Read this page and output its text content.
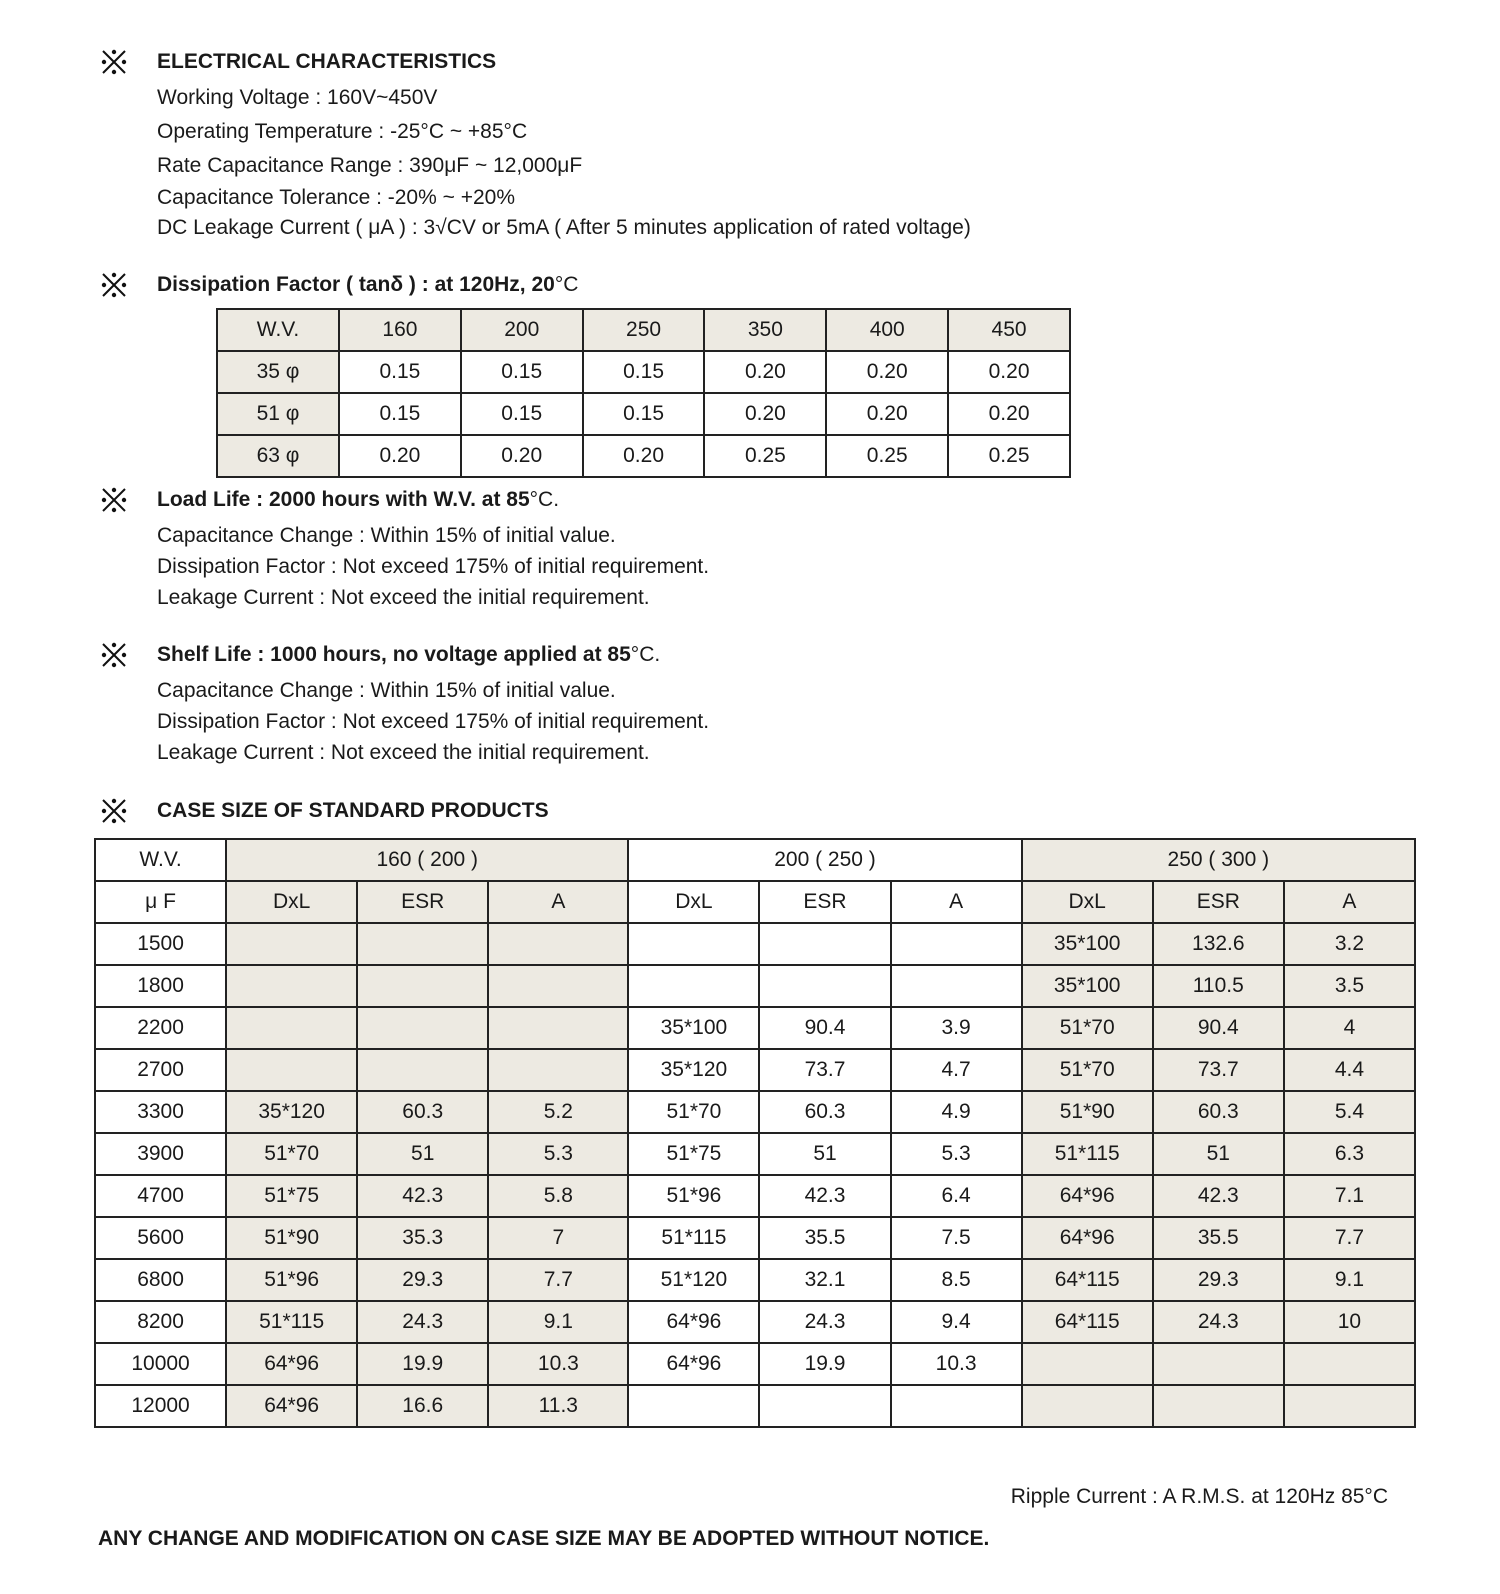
ELECTRICAL CHARACTERISTICS
Working Voltage : 160V~450V
Operating Temperature : -25°C ~ +85°C
Rate Capacitance Range : 390μF ~ 12,000μF
Capacitance Tolerance : -20% ~ +20%
DC Leakage Current ( μA ) : 3√CV or 5mA ( After 5 minutes application of rated voltage)
Dissipation Factor ( tanδ ) : at 120Hz, 20°C
W.V.	160	200	250	350	400	450
35 φ	0.15	0.15	0.15	0.20	0.20	0.20
51 φ	0.15	0.15	0.15	0.20	0.20	0.20
63 φ	0.20	0.20	0.20	0.25	0.25	0.25
Load Life : 2000 hours with W.V. at 85°C.
Capacitance Change : Within 15% of initial value.
Dissipation Factor : Not exceed 175% of initial requirement.
Leakage Current : Not exceed the initial requirement.
Shelf Life : 1000 hours, no voltage applied at 85°C.
Capacitance Change : Within 15% of initial value.
Dissipation Factor : Not exceed 175% of initial requirement.
Leakage Current : Not exceed the initial requirement.
CASE SIZE OF STANDARD PRODUCTS
W.V.	160 ( 200 )			200 ( 250 )			250 ( 300 )		
μ F	DxL	ESR	A	DxL	ESR	A	DxL	ESR	A
1500							35*100	132.6	3.2
1800							35*100	110.5	3.5
2200				35*100	90.4	3.9	51*70	90.4	4
2700				35*120	73.7	4.7	51*70	73.7	4.4
3300	35*120	60.3	5.2	51*70	60.3	4.9	51*90	60.3	5.4
3900	51*70	51	5.3	51*75	51	5.3	51*115	51	6.3
4700	51*75	42.3	5.8	51*96	42.3	6.4	64*96	42.3	7.1
5600	51*90	35.3	7	51*115	35.5	7.5	64*96	35.5	7.7
6800	51*96	29.3	7.7	51*120	32.1	8.5	64*115	29.3	9.1
8200	51*115	24.3	9.1	64*96	24.3	9.4	64*115	24.3	10
10000	64*96	19.9	10.3	64*96	19.9	10.3			
12000	64*96	16.6	11.3						
Ripple Current : A R.M.S. at 120Hz 85°C
ANY CHANGE AND MODIFICATION ON CASE SIZE MAY BE ADOPTED WITHOUT NOTICE.
